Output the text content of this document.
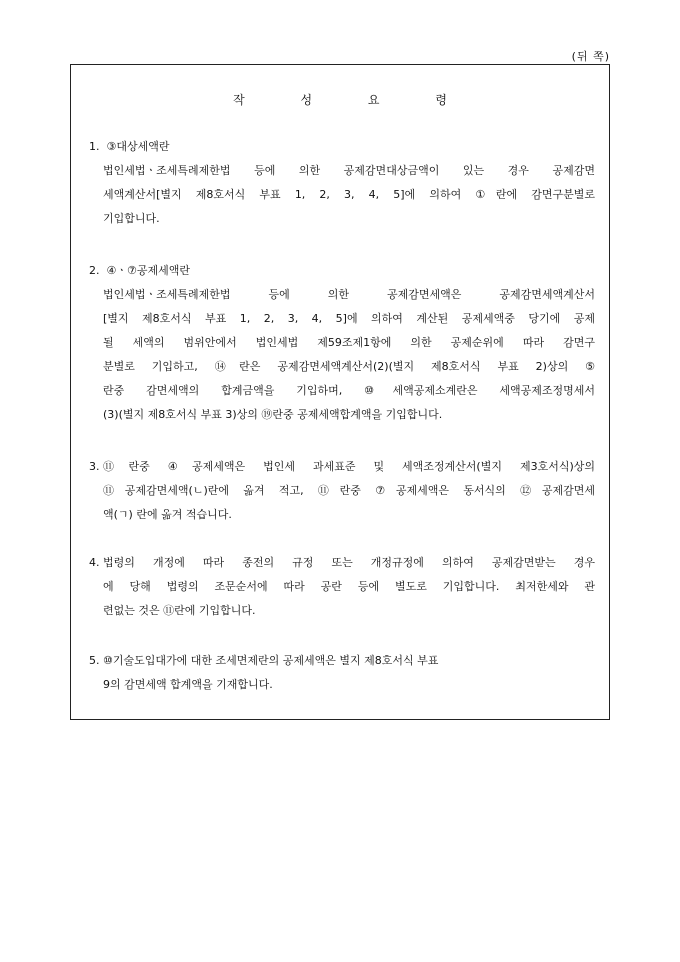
(뒤 쪽)
작 성 요 령
1. ③대상세액란
법인세법ㆍ조세특례제한법 등에 의한 공제감면대상금액이 있는 경우 공제감면
세액계산서[별지 제8호서식 부표 1, 2, 3, 4, 5]에 의하여 ①란에 감면구분별로
기입합니다.
2. ④ㆍ⑦공제세액란
법인세법ㆍ조세특례제한법 등에 의한 공제감면세액은 공제감면세액계산서
[별지 제8호서식 부표 1, 2, 3, 4, 5]에 의하여 계산된 공제세액중 당기에 공제
될 세액의 범위안에서 법인세법 제59조제1항에 의한 공제순위에 따라 감면구
분별로 기입하고, ⑭란은 공제감면세액계산서(2)(별지 제8호서식 부표 2)상의 ⑤
란중 감면세액의 합계금액을 기입하며, ⑩세액공제소계란은 세액공제조정명세서
(3)(별지 제8호서식 부표 3)상의 ⑲란중 공제세액합계액을 기입합니다.
3. ⑪란중 ④공제세액은 법인세 과세표준 및 세액조정계산서(별지 제3호서식)상의
⑪공제감면세액(ㄴ)란에 옮겨 적고, ⑪란중 ⑦공제세액은 동서식의 ⑫공제감면세
액(ㄱ) 란에 옮겨 적습니다.
4. 법령의 개정에 따라 종전의 규정 또는 개정규정에 의하여 공제감면받는 경우
에 당해 법령의 조문순서에 따라 공란 등에 별도로 기입합니다. 최저한세와 관
련없는 것은 ⑪란에 기입합니다.
5. ⑩기술도입대가에 대한 조세면제란의 공제세액은 별지 제8호서식 부표
9의 감면세액 합계액을 기재합니다.
